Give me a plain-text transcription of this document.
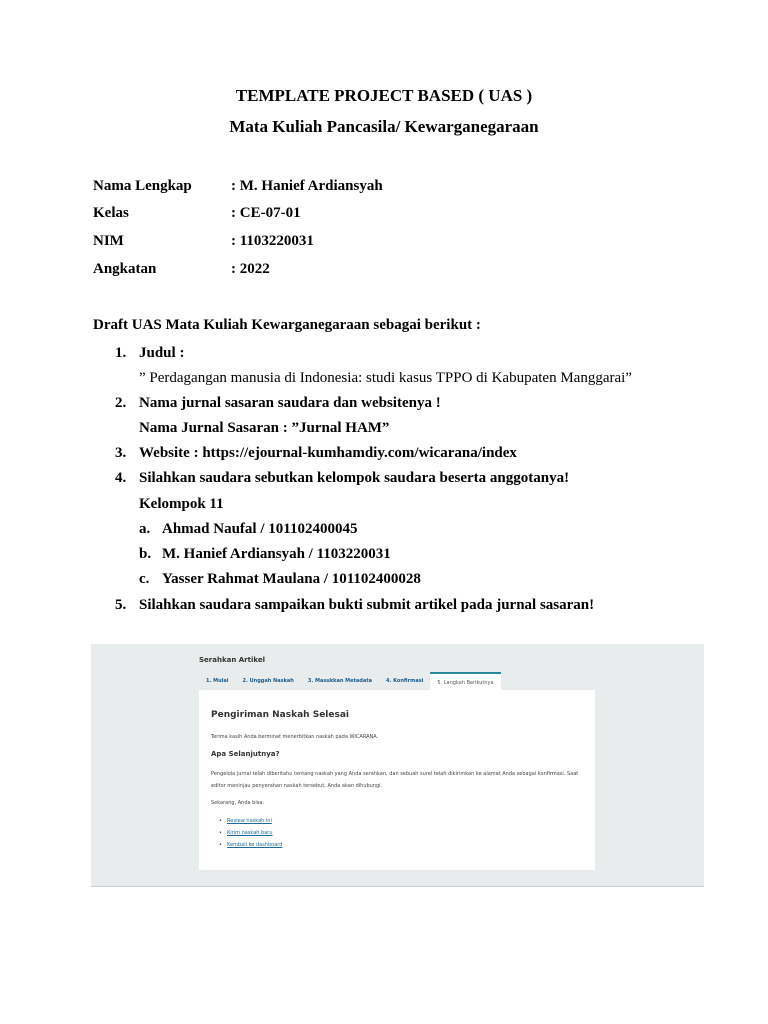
TEMPLATE PROJECT BASED ( UAS )
Mata Kuliah Pancasila/ Kewarganegaraan
Nama Lengkap	: M. Hanief Ardiansyah
Kelas	: CE-07-01
NIM	: 1103220031
Angkatan	: 2022
Draft UAS Mata Kuliah Kewarganegaraan sebagai berikut :
1. Judul :
” Perdagangan manusia di Indonesia: studi kasus TPPO di Kabupaten Manggarai”
2. Nama jurnal sasaran saudara dan websitenya !
Nama Jurnal Sasaran : ”Jurnal HAM”
3. Website : https://ejournal-kumhamdiy.com/wicarana/index
4. Silahkan saudara sebutkan kelompok saudara beserta anggotanya!
Kelompok 11
a. Ahmad Naufal / 101102400045
b. M. Hanief Ardiansyah / 1103220031
c. Yasser Rahmat Maulana / 101102400028
5. Silahkan saudara sampaikan bukti submit artikel pada jurnal sasaran!
Serahkan Artikel
1. Mulai	2. Unggah Naskah	3. Masukkan Metadata	4. Konfirmasi	5. Langkah Berikutnya
Pengiriman Naskah Selesai
Terima kasih Anda berminat menerbitkan naskah pada WICARANA.
Apa Selanjutnya?
Pengelola jurnal telah diberitahu tentang naskah yang Anda serahkan, dan sebuah surel telah dikirimkan ke alamat Anda sebagai konfirmasi. Saat editor meninjau penyerahan naskah tersebut, Anda akan dihubungi.
Sekarang, Anda bisa:
• Review naskah ini
• Kirim naskah baru
• Kembali ke dashboard
